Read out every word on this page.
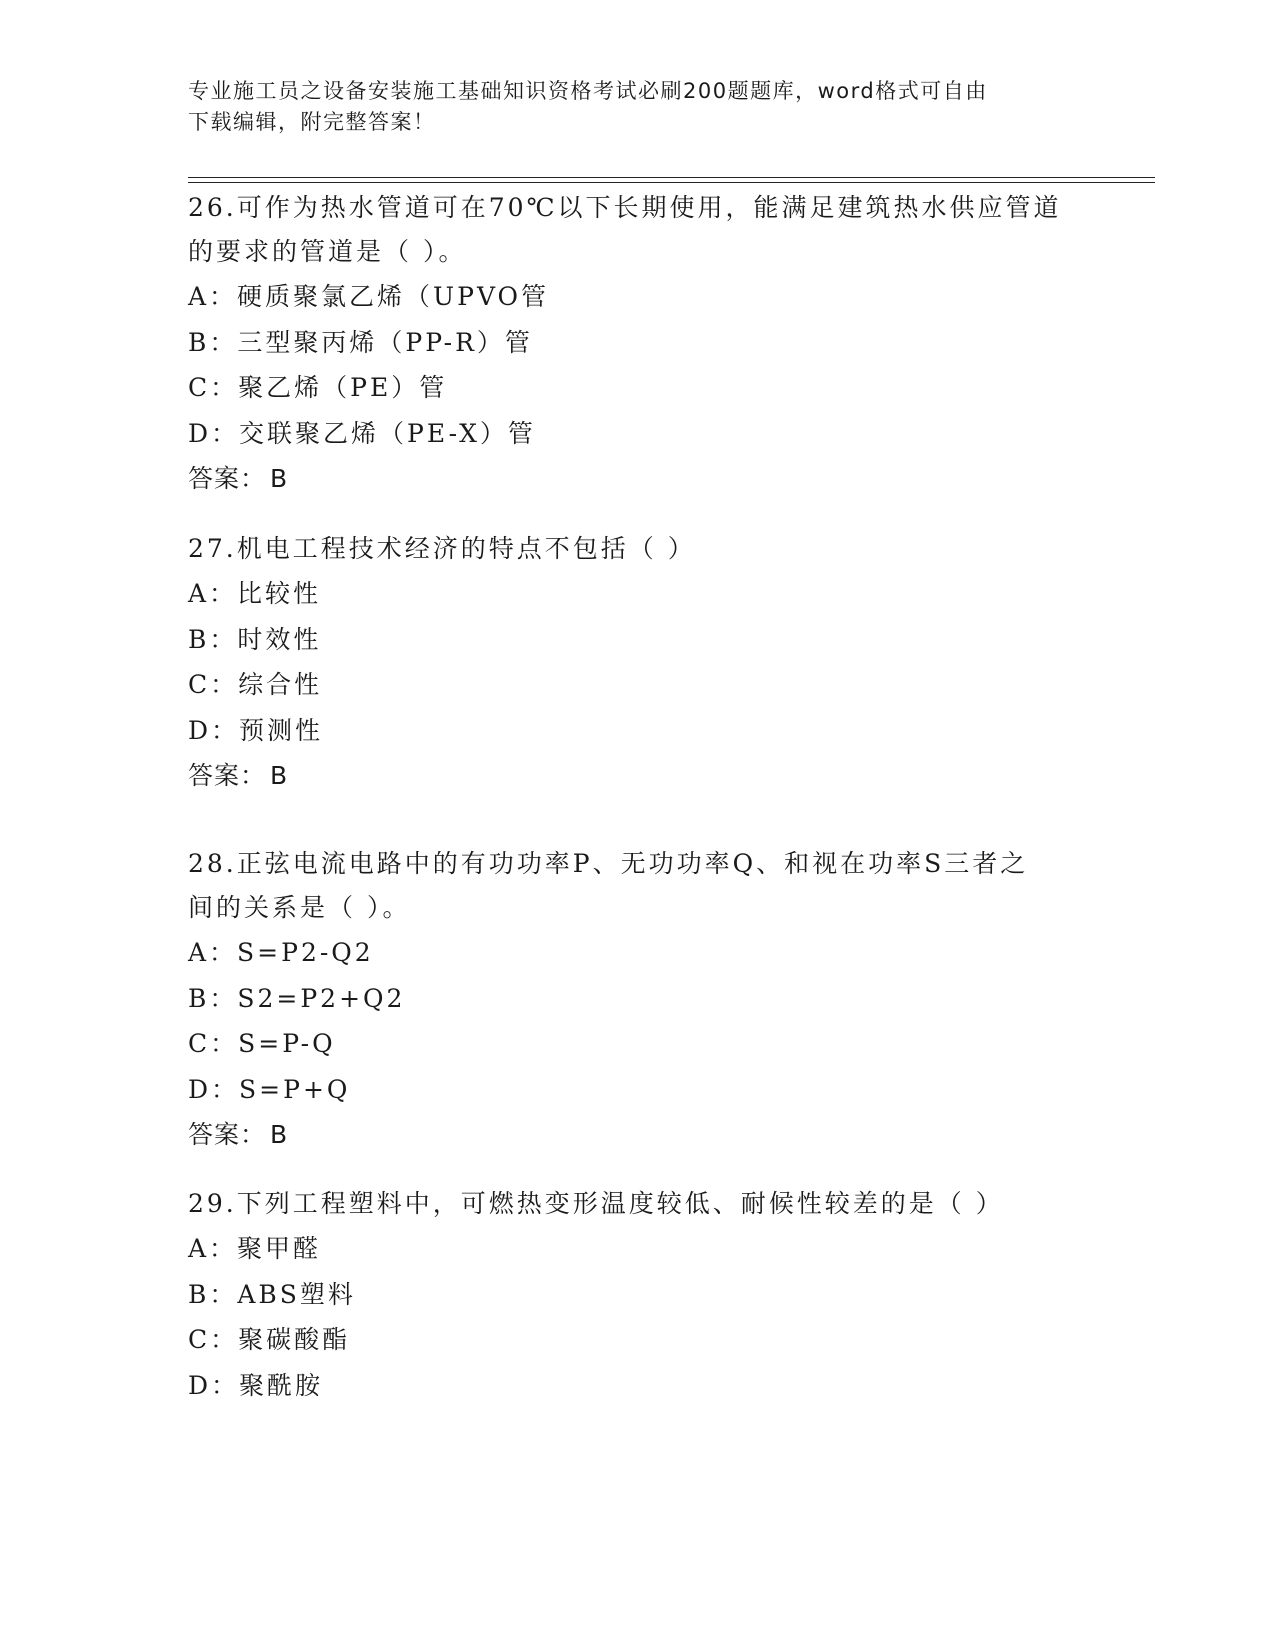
专业施工员之设备安装施工基础知识资格考试必刷200题题库，word格式可自由
下载编辑，附完整答案！
26.可作为热水管道可在70℃以下长期使用，能满足建筑热水供应管道
的要求的管道是（ ）。
A：硬质聚氯乙烯（UPVO管
B：三型聚丙烯（PP-R）管
C：聚乙烯（PE）管
D：交联聚乙烯（PE-X）管
答案： B
27.机电工程技术经济的特点不包括（ ）
A：比较性
B：时效性
C：综合性
D：预测性
答案： B
28.正弦电流电路中的有功功率P、无功功率Q、和视在功率S三者之
间的关系是（ ）。
A：S=P2-Q2
B：S2=P2+Q2
C：S=P-Q
D：S=P+Q
答案： B
29.下列工程塑料中，可燃热变形温度较低、耐候性较差的是（ ）
A：聚甲醛
B：ABS塑料
C：聚碳酸酯
D：聚酰胺
